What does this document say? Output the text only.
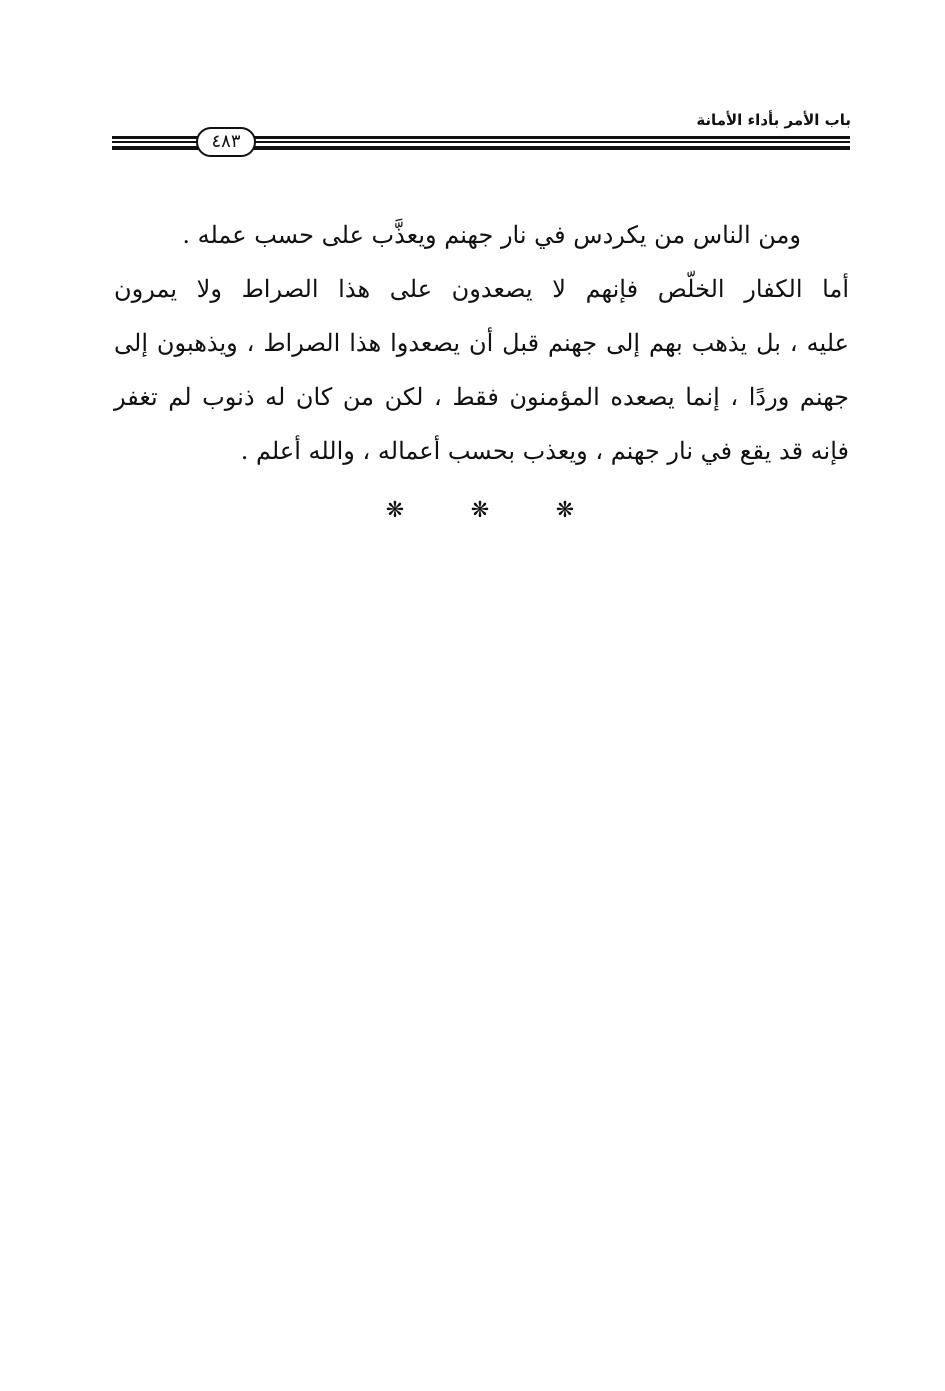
باب الأمر بأداء الأمانة
٤٨٣
ومن الناس من يكردس في نار جهنم ويعذَّب على حسب عمله .
أما الكفار الخلّص فإنهم لا يصعدون على هذا الصراط ولا يمرون
عليه ، بل يذهب بهم إلى جهنم قبل أن يصعدوا هذا الصراط ، ويذهبون إلى
جهنم وردًا ، إنما يصعده المؤمنون فقط ، لكن من كان له ذنوب لم تغفر
فإنه قد يقع في نار جهنم ، ويعذب بحسب أعماله ، والله أعلم .
❋	❋	❋
